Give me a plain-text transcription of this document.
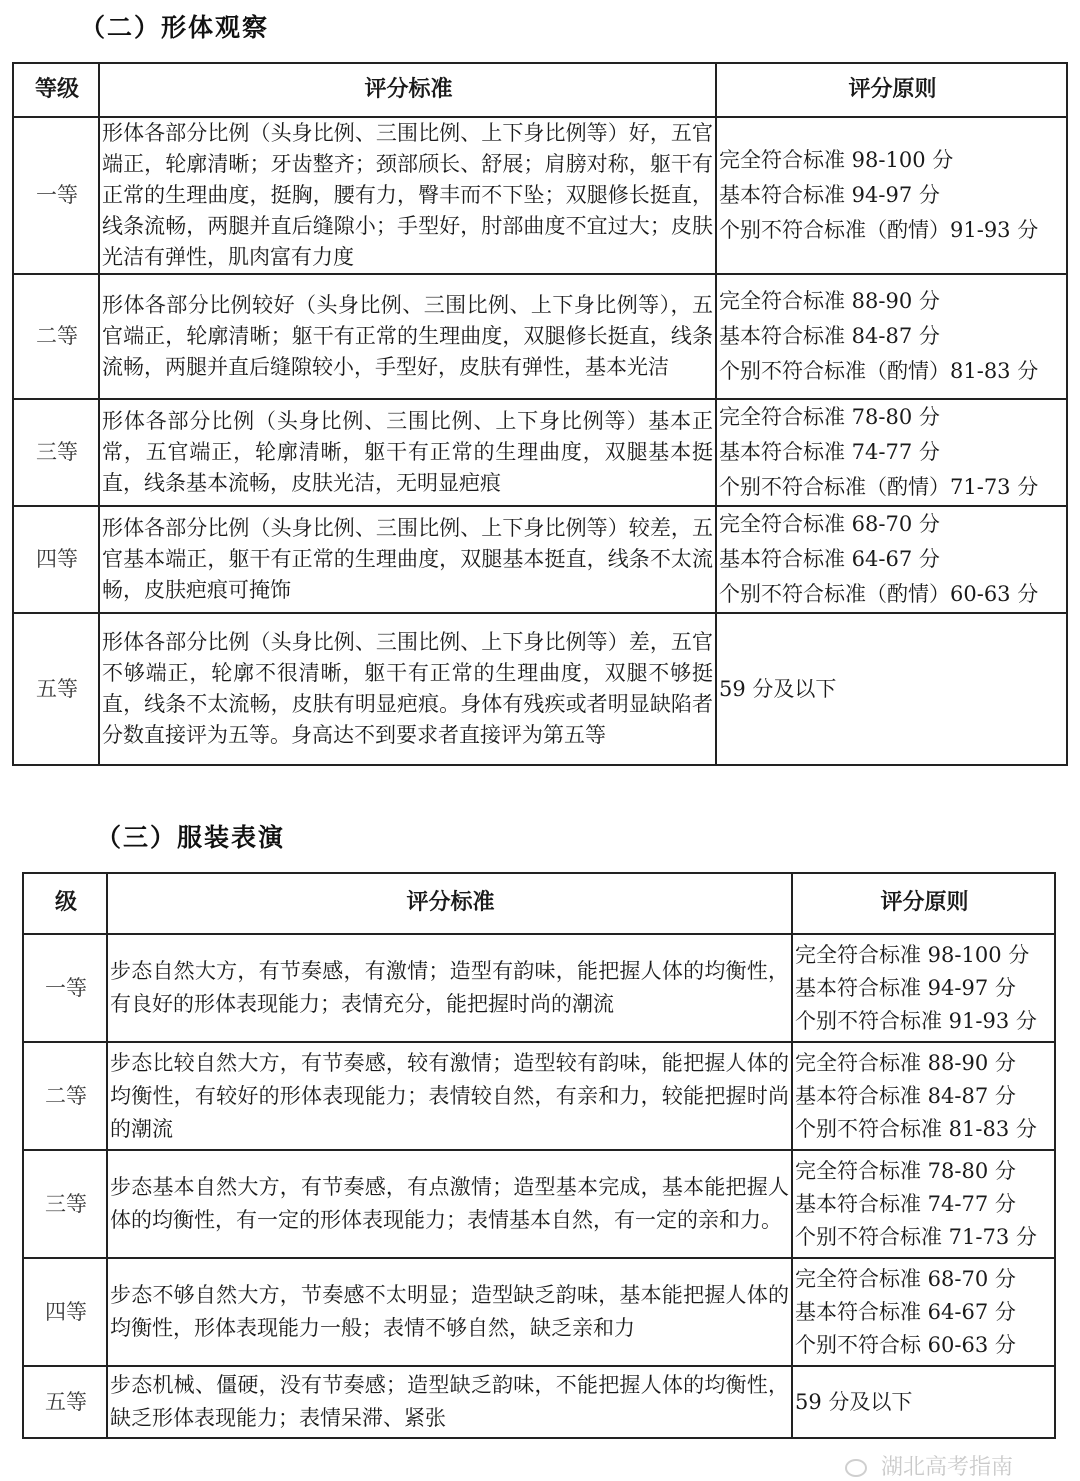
（二）形体观察
等级	评分标准	评分原则
一等	形体各部分比例（头身比例、三围比例、上下身比例等）好，五官端正，轮廓清晰；牙齿整齐；颈部颀长、舒展；肩膀对称，躯干有正常的生理曲度，挺胸，腰有力，臀丰而不下坠；双腿修长挺直，线条流畅，两腿并直后缝隙小；手型好，肘部曲度不宜过大；皮肤光洁有弹性，肌肉富有力度	完全符合标准 98-100 分
基本符合标准 94-97 分
个别不符合标准（酌情）91-93 分

二等	形体各部分比例较好（头身比例、三围比例、上下身比例等），五官端正，轮廓清晰；躯干有正常的生理曲度，双腿修长挺直，线条流畅，两腿并直后缝隙较小，手型好，皮肤有弹性，基本光洁	完全符合标准 88-90 分
基本符合标准 84-87 分
个别不符合标准（酌情）81-83 分

三等	形体各部分比例（头身比例、三围比例、上下身比例等）基本正常，五官端正，轮廓清晰，躯干有正常的生理曲度，双腿基本挺直，线条基本流畅，皮肤光洁，无明显疤痕	完全符合标准 78-80 分
基本符合标准 74-77 分
个别不符合标准（酌情）71-73 分

四等	形体各部分比例（头身比例、三围比例、上下身比例等）较差，五官基本端正，躯干有正常的生理曲度，双腿基本挺直，线条不太流畅，皮肤疤痕可掩饰	完全符合标准 68-70 分
基本符合标准 64-67 分
个别不符合标准（酌情）60-63 分

五等	形体各部分比例（头身比例、三围比例、上下身比例等）差，五官不够端正，轮廓不很清晰，躯干有正常的生理曲度，双腿不够挺直，线条不太流畅，皮肤有明显疤痕。身体有残疾或者明显缺陷者分数直接评为五等。身高达不到要求者直接评为第五等	59 分及以下
（三）服装表演
级	评分标准	评分原则
一等	步态自然大方，有节奏感，有激情；造型有韵味，能把握人体的均衡性，有良好的形体表现能力；表情充分，能把握时尚的潮流	完全符合标准 98-100 分
基本符合标准 94-97 分
个别不符合标准 91-93 分

二等	步态比较自然大方，有节奏感，较有激情；造型较有韵味，能把握人体的均衡性，有较好的形体表现能力；表情较自然，有亲和力，较能把握时尚的潮流	完全符合标准 88-90 分
基本符合标准 84-87 分
个别不符合标准 81-83 分

三等	步态基本自然大方，有节奏感，有点激情；造型基本完成，基本能把握人体的均衡性，有一定的形体表现能力；表情基本自然，有一定的亲和力。	完全符合标准 78-80 分
基本符合标准 74-77 分
个别不符合标准 71-73 分

四等	步态不够自然大方，节奏感不太明显；造型缺乏韵味，基本能把握人体的均衡性，形体表现能力一般；表情不够自然，缺乏亲和力	完全符合标准 68-70 分
基本符合标准 64-67 分
个别不符合标 60-63 分

五等	步态机械、僵硬，没有节奏感；造型缺乏韵味，不能把握人体的均衡性，缺乏形体表现能力；表情呆滞、紧张	59 分及以下
湖北高考指南
